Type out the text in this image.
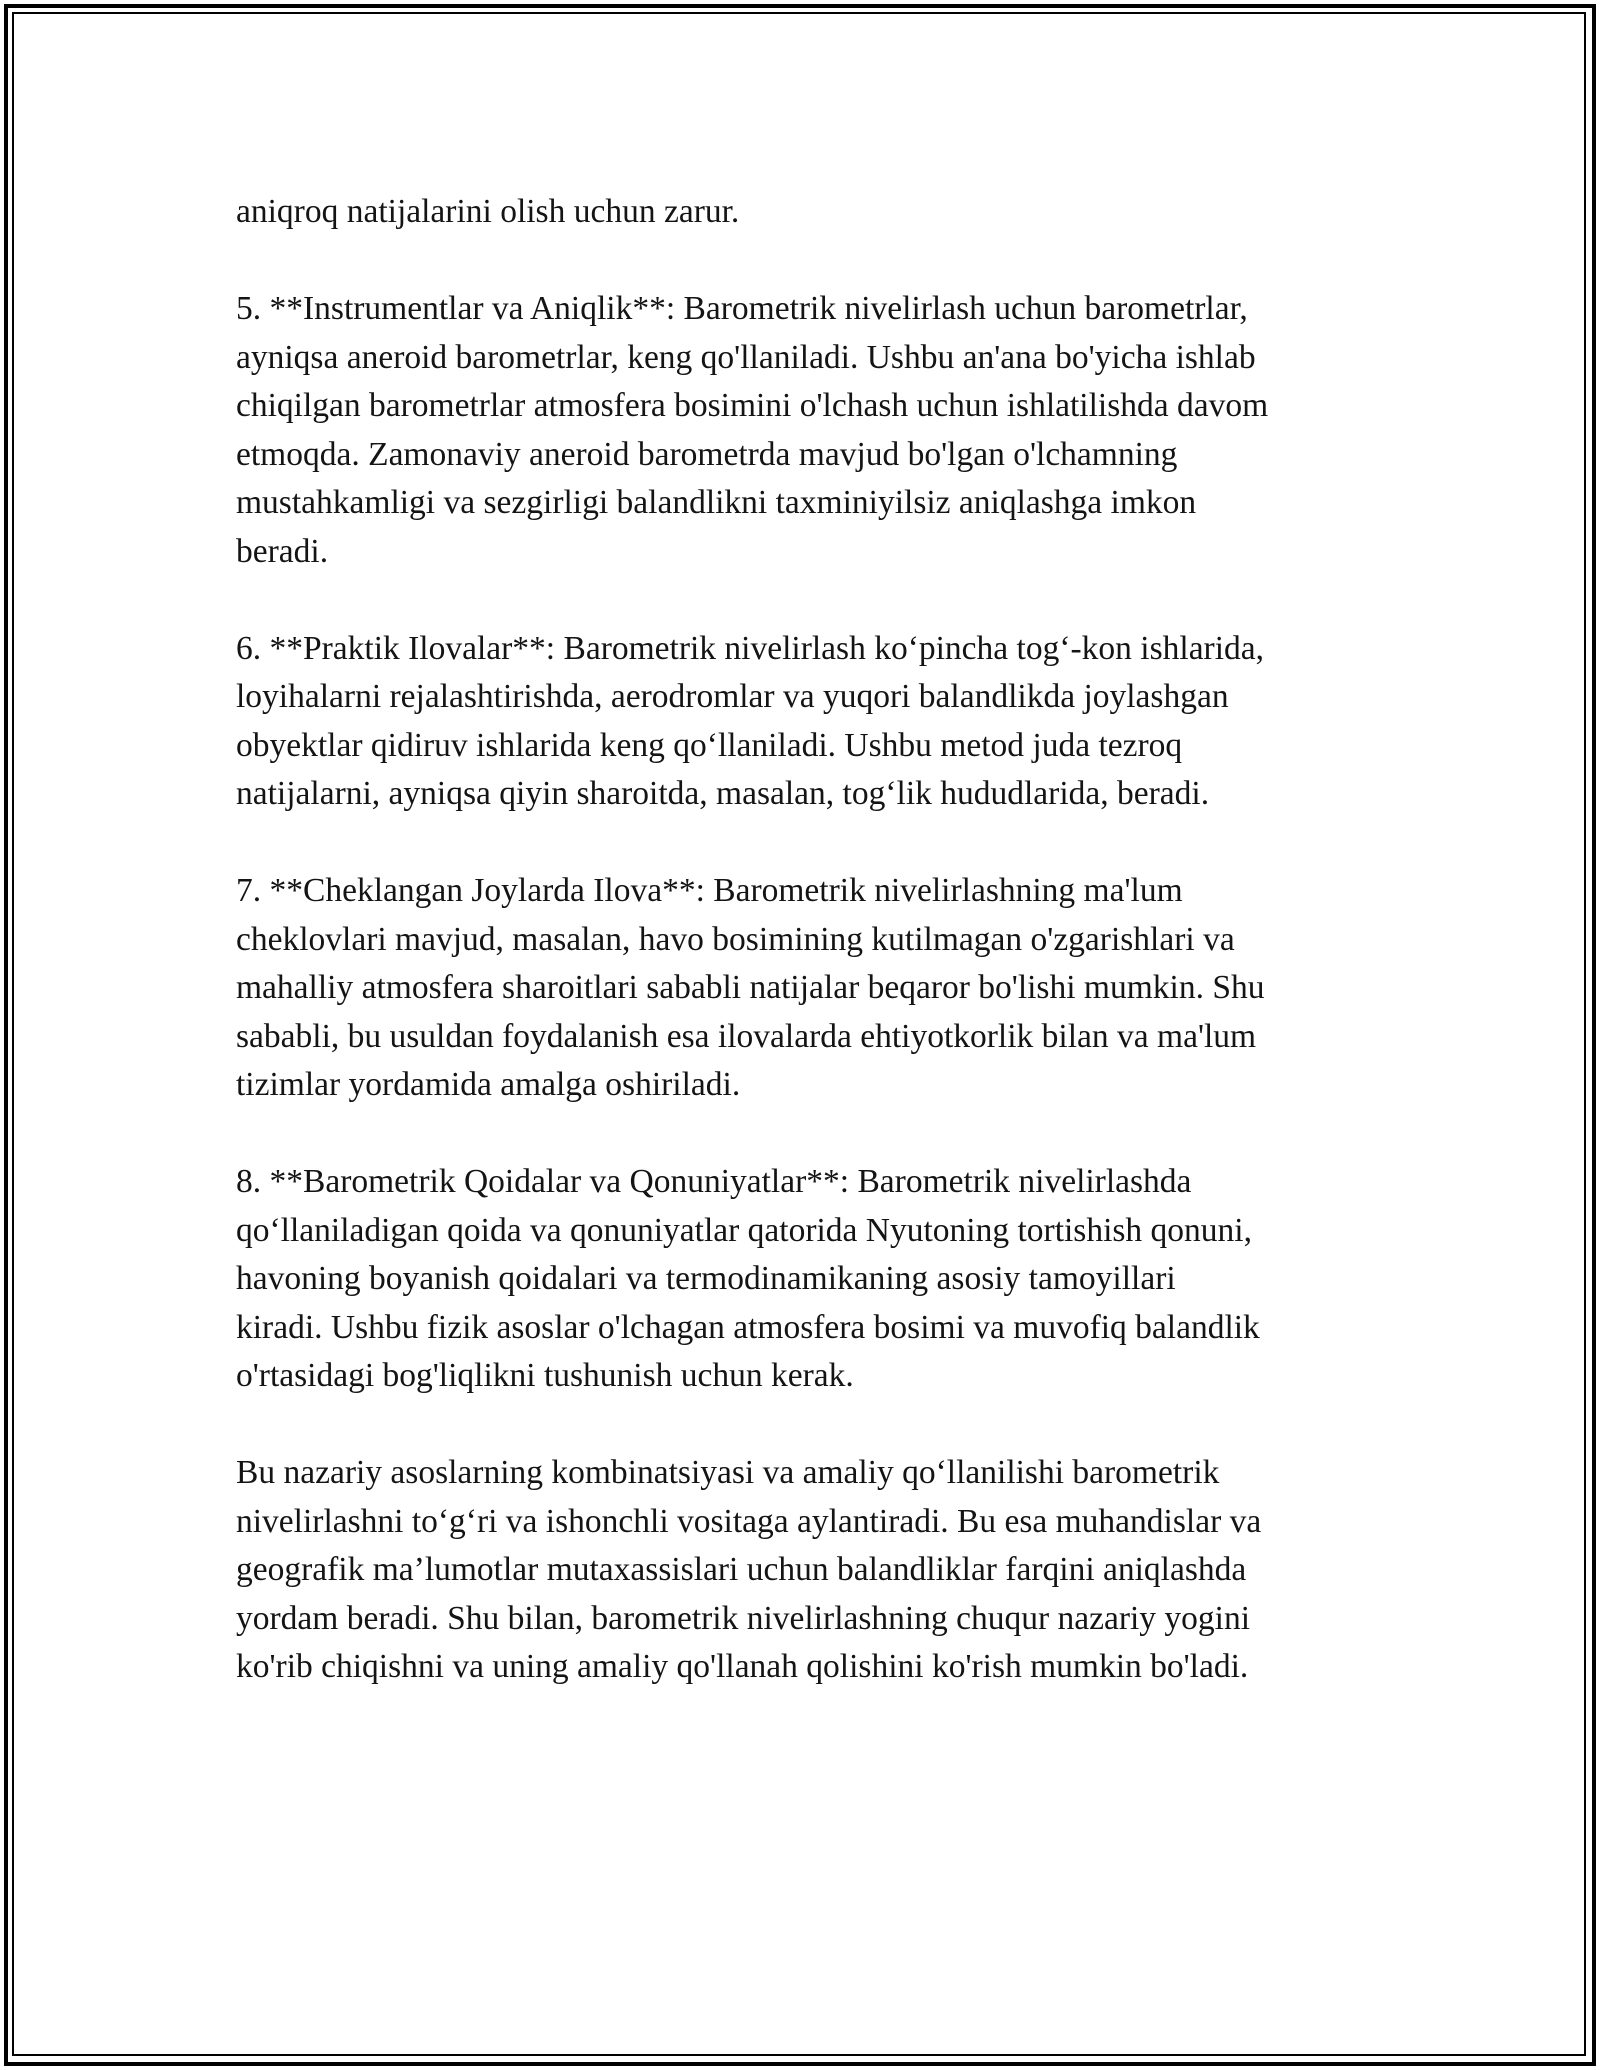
aniqroq natijalarini olish uchun zarur.

5. **Instrumentlar va Aniqlik**: Barometrik nivelirlash uchun barometrlar,
ayniqsa aneroid barometrlar, keng qo'llaniladi. Ushbu an'ana bo'yicha ishlab
chiqilgan barometrlar atmosfera bosimini o'lchash uchun ishlatilishda davom
etmoqda. Zamonaviy aneroid barometrda mavjud bo'lgan o'lchamning
mustahkamligi va sezgirligi balandlikni taxminiyilsiz aniqlashga imkon
beradi.

6. **Praktik Ilovalar**: Barometrik nivelirlash ko‘pincha tog‘-kon ishlarida,
loyihalarni rejalashtirishda, aerodromlar va yuqori balandlikda joylashgan
obyektlar qidiruv ishlarida keng qo‘llaniladi. Ushbu metod juda tezroq
natijalarni, ayniqsa qiyin sharoitda, masalan, tog‘lik hududlarida, beradi.

7. **Cheklangan Joylarda Ilova**: Barometrik nivelirlashning ma'lum
cheklovlari mavjud, masalan, havo bosimining kutilmagan o'zgarishlari va
mahalliy atmosfera sharoitlari sababli natijalar beqaror bo'lishi mumkin. Shu
sababli, bu usuldan foydalanish esa ilovalarda ehtiyotkorlik bilan va ma'lum
tizimlar yordamida amalga oshiriladi.

8. **Barometrik Qoidalar va Qonuniyatlar**: Barometrik nivelirlashda
qo‘llaniladigan qoida va qonuniyatlar qatorida Nyutoning tortishish qonuni,
havoning boyanish qoidalari va termodinamikaning asosiy tamoyillari
kiradi. Ushbu fizik asoslar o'lchagan atmosfera bosimi va muvofiq balandlik
o'rtasidagi bog'liqlikni tushunish uchun kerak.

Bu nazariy asoslarning kombinatsiyasi va amaliy qo‘llanilishi barometrik
nivelirlashni to‘g‘ri va ishonchli vositaga aylantiradi. Bu esa muhandislar va
geografik ma’lumotlar mutaxassislari uchun balandliklar farqini aniqlashda
yordam beradi. Shu bilan, barometrik nivelirlashning chuqur nazariy yogini
ko'rib chiqishni va uning amaliy qo'llanah qolishini ko'rish mumkin bo'ladi.
